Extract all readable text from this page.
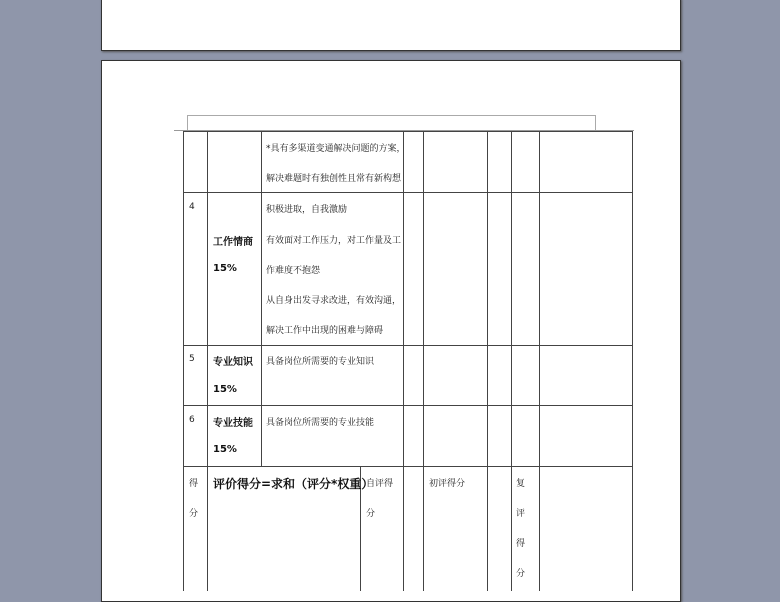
*具有多渠道变通解决问题的方案，
解决难题时有独创性且常有新构想
4
工作情商
15%
积极进取，自我激励
有效面对工作压力，对工作量及工
作难度不抱怨
从自身出发寻求改进，有效沟通，
解决工作中出现的困难与障碍
5 专业知识
15%
具备岗位所需要的专业知识
6 专业技能
15%
具备岗位所需要的专业技能
得
分
评价得分=求和（评分*权重）
自评得
分
初评得分	复
评
得
分
